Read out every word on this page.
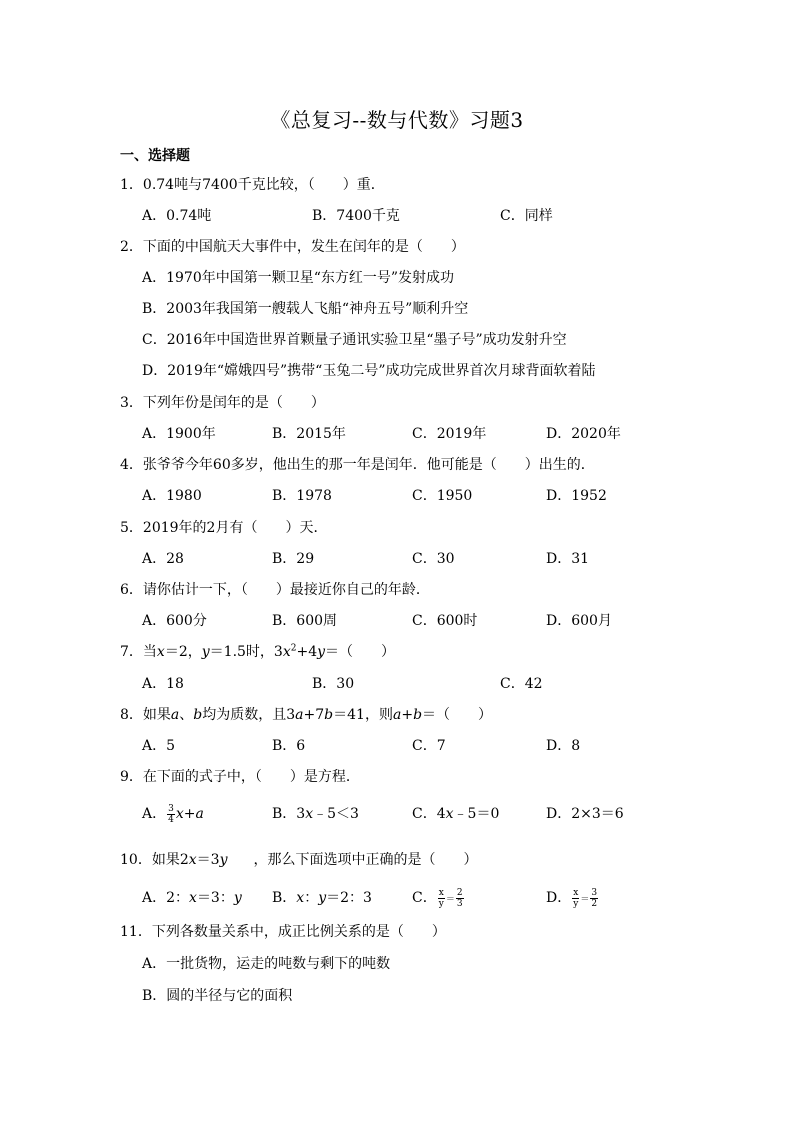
《总复习--数与代数》习题3
一、选择题
1．0.74吨与7400千克比较，（　　）重．
A．0.74吨	B．7400千克	C．同样
2．下面的中国航天大事件中，发生在闰年的是（　　）
A．1970年中国第一颗卫星“东方红一号”发射成功
B．2003年我国第一艘载人飞船“神舟五号”顺利升空
C．2016年中国造世界首颗量子通讯实验卫星“墨子号”成功发射升空
D．2019年“嫦娥四号”携带“玉兔二号”成功完成世界首次月球背面软着陆
3．下列年份是闰年的是（　　）
A．1900年	B．2015年	C．2019年	D．2020年
4．张爷爷今年60多岁，他出生的那一年是闰年．他可能是（　　）出生的．
A．1980	B．1978	C．1950	D．1952
5．2019年的2月有（　　）天．
A．28	B．29	C．30	D．31
6．请你估计一下，（　　）最接近你自己的年龄．
A．600分	B．600周	C．600时	D．600月
7．当x＝2，y＝1.5时，$3x^2+4y=$（　　）
A．18	B．30	C．42
8．如果a、b均为质数，且3a+7b＝41，则a+b＝（　　）
A．5	B．6	C．7	D．8
9．在下面的式子中，（　　）是方程．
A． $\frac{3}{4} x+a$	B．3x﹣5＜3	C．4x﹣5＝0	D．2×3＝6
10．如果2x＝3y ，那么下面选项中正确的是（　　）
A．2：x＝3：y B．x：y＝2：3	C． $\frac{x}{y} = \frac{2}{3}$	D． $\frac{x}{y} = \frac{3}{2}$
11．下列各数量关系中，成正比例关系的是（　　）
A．一批货物，运走的吨数与剩下的吨数
B．圆的半径与它的面积
